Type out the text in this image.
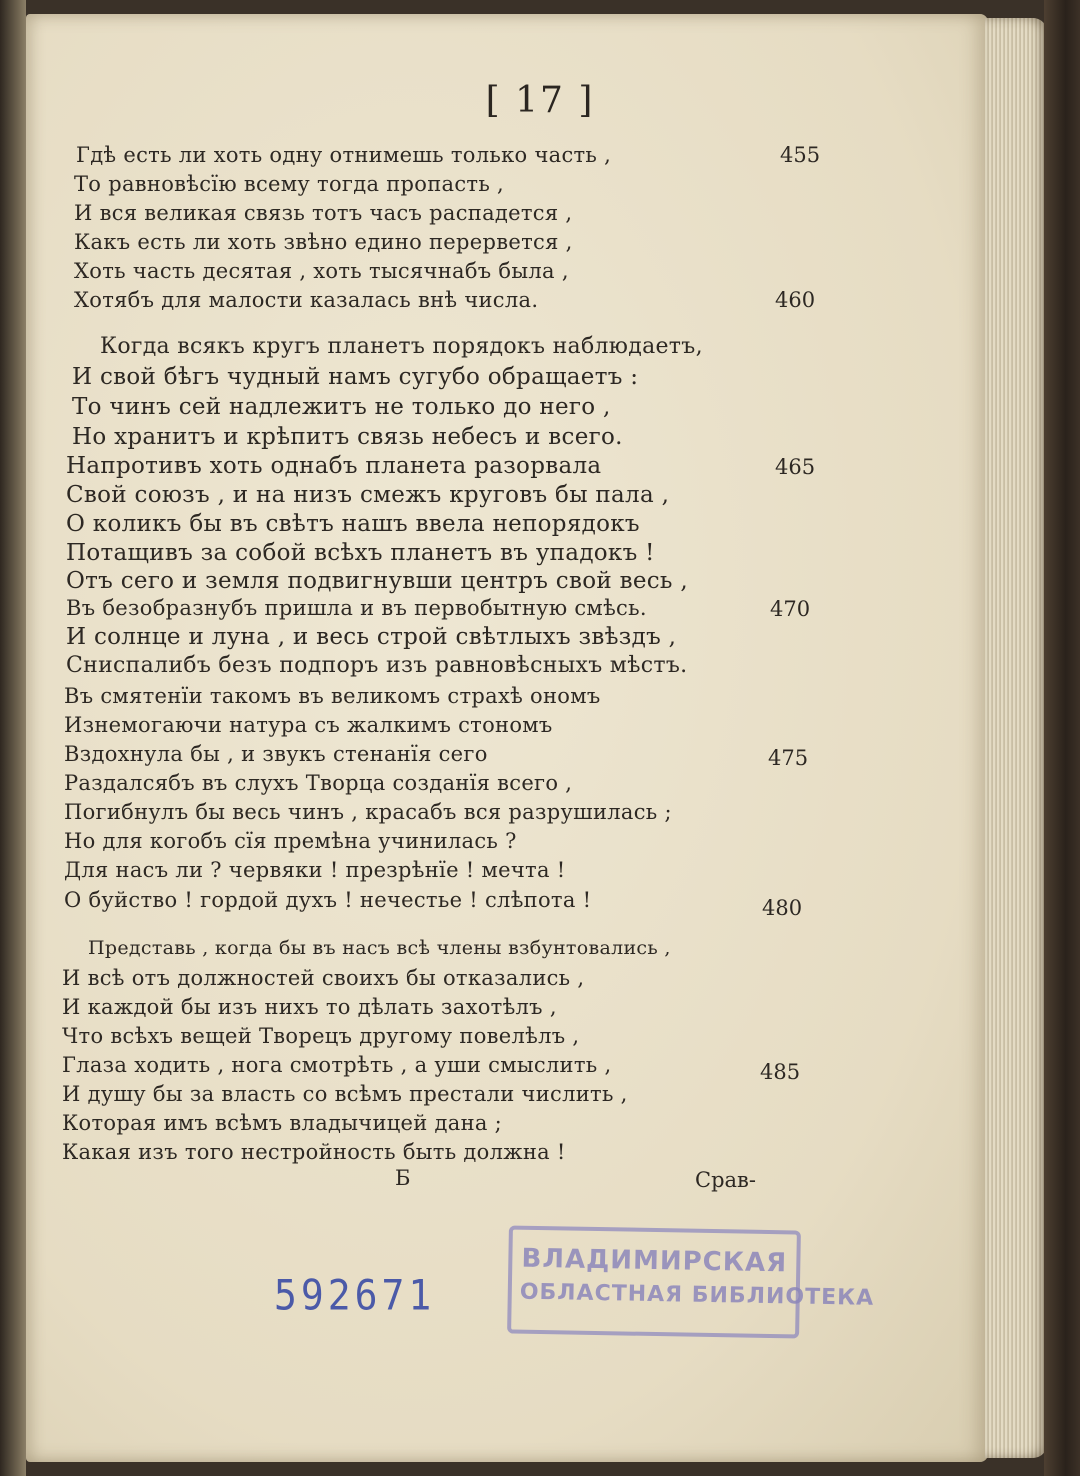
[ 17 ]
Гдѣ есть ли хоть одну отнимешь только часть ,	455
То равновѣсїю всему тогда пропасть ,
И вся великая связь тотъ часъ распадется ,
Какъ есть ли хоть звѣно едино перервется ,
Хоть часть десятая , хоть тысячнабъ была ,
Хотябъ для малости казалась внѣ числа.	460
Когда всякъ кругъ планетъ порядокъ наблюдаетъ,
И свой бѣгъ чудный намъ сугубо обращаетъ :
То чинъ сей надлежитъ не только до него ,
Но хранитъ и крѣпитъ связь небесъ и всего.
Напротивъ хоть однабъ планета разорвала	465
Свой союзъ , и на низъ смежъ круговъ бы пала ,
О коликъ бы въ свѣтъ нашъ ввела непорядокъ
Потащивъ за собой всѣхъ планетъ въ упадокъ !
Отъ сего и земля подвигнувши центръ свой весь ,
Въ безобразнубъ пришла и въ первобытную смѣсь.	470
И солнце и луна , и весь строй свѣтлыхъ звѣздъ ,
Сниспалибъ безъ подпоръ изъ равновѣсныхъ мѣстъ.
Въ смятенїи такомъ въ великомъ страхѣ ономъ
Изнемогаючи натура съ жалкимъ стономъ
Вздохнула бы , и звукъ стенанїя сего	475
Раздалсябъ въ слухъ Творца созданїя всего ,
Погибнулъ бы весь чинъ , красабъ вся разрушилась ;
Но для когобъ сїя премѣна учинилась ?
Для насъ ли ? червяки ! презрѣнїе ! мечта !
О буйство ! гордой духъ ! нечестье ! слѣпота !	480
Представь , когда бы въ насъ всѣ члены взбунтовались ,
И всѣ отъ должностей своихъ бы отказались ,
И каждой бы изъ нихъ то дѣлать захотѣлъ ,
Что всѣхъ вещей Творецъ другому повелѣлъ ,
Глаза ходить , нога смотрѣть , а уши смыслить ,	485
И душу бы за власть со всѣмъ престали числить ,
Которая имъ всѣмъ владычицей дана ;
Какая изъ того нестройность быть должна !
Б	Срав-
592671
ВЛАДИМИРСКАЯ
ОБЛАСТНАЯ БИБЛИОТЕКА
